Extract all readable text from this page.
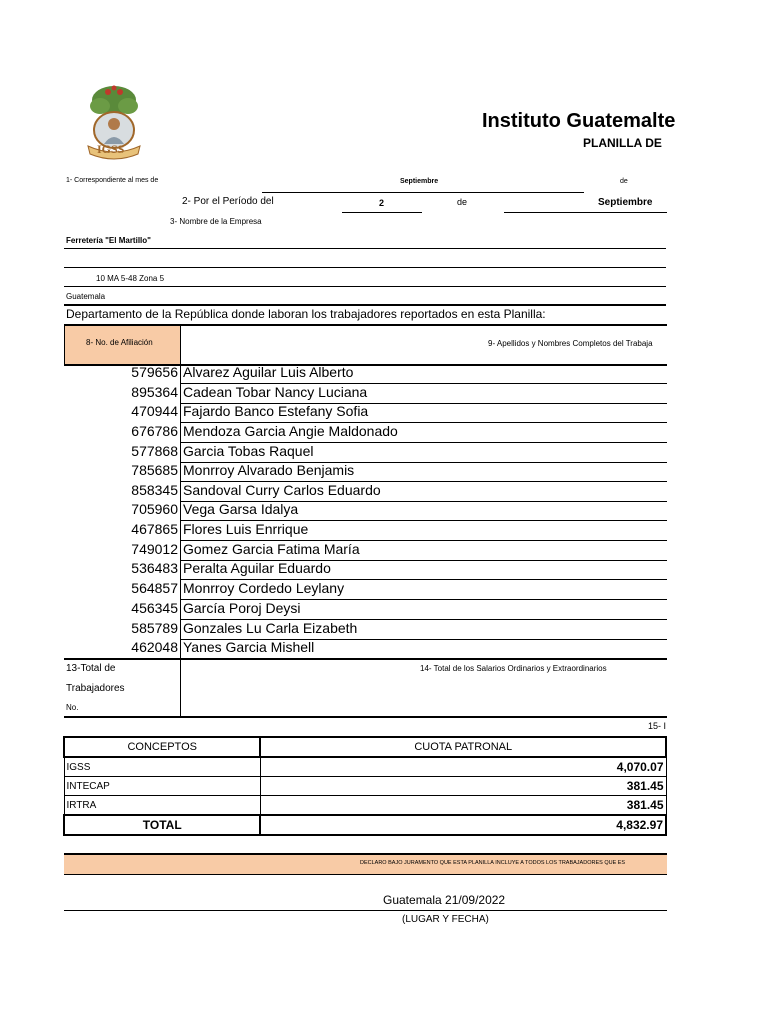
IGSS
Instituto Guatemalte
PLANILLA DE
1- Correspondiente al mes de	Septiembre	de
2- Por el Período del	2	de	Septiembre
3- Nombre de la Empresa
Ferretería "El Martillo"
10 MA 5-48 Zona 5
Guatemala
Departamento de la República donde laboran los trabajadores reportados en esta Planilla:
8- No. de Afiliación	9- Apellidos y Nombres Completos del Trabaja
579656 Alvarez Aguilar Luis Alberto
895364 Cadean Tobar Nancy Luciana
470944 Fajardo Banco Estefany Sofia
676786 Mendoza Garcia Angie Maldonado
577868 Garcia Tobas Raquel
785685 Monrroy Alvarado Benjamis
858345 Sandoval Curry Carlos Eduardo
705960 Vega Garsa Idalya
467865 Flores Luis Enrrique
749012 Gomez Garcia Fatima María
536483 Peralta Aguilar Eduardo
564857 Monrroy Cordedo Leylany
456345 García Poroj Deysi
585789 Gonzales Lu Carla Eizabeth
462048 Yanes Garcia Mishell
13-Total de
Trabajadores
No.
14- Total de los Salarios Ordinarios y Extraordinarios
15- I
CONCEPTOS	CUOTA PATRONAL
IGSS	4,070.07
INTECAP	381.45
IRTRA	381.45
TOTAL	4,832.97
DECLARO BAJO JURAMENTO QUE ESTA PLANILLA INCLUYE A TODOS LOS TRABAJADORES QUE ES
Guatemala 21/09/2022
(LUGAR Y FECHA)
